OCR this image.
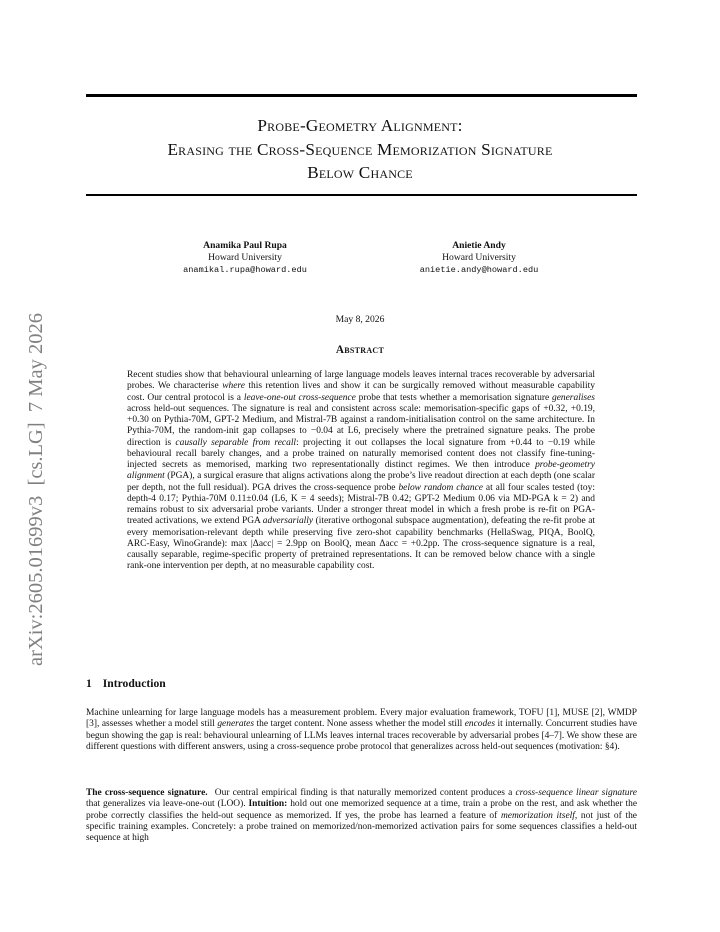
arXiv:2605.01699v3  [cs.LG]  7 May 2026
Probe-Geometry Alignment:
Erasing the Cross-Sequence Memorization Signature
Below Chance
Anamika Paul Rupa
Howard University
anamikal.rupa@howard.edu
Anietie Andy
Howard University
anietie.andy@howard.edu
May 8, 2026
Abstract

Recent studies show that behavioural unlearning of large language models leaves internal traces recoverable by adversarial probes. We characterise where this retention lives and show it can be surgically removed without measurable capability cost. Our central protocol is a leave-one-out cross-sequence probe that tests whether a memorisation signature generalises across held-out sequences. The signature is real and consistent across scale: memorisation-specific gaps of +0.32, +0.19, +0.30 on Pythia-70M, GPT-2 Medium, and Mistral-7B against a random-initialisation control on the same architecture. In Pythia-70M, the random-init gap collapses to −0.04 at L6, precisely where the pretrained signature peaks. The probe direction is causally separable from recall: projecting it out collapses the local signature from +0.44 to −0.19 while behavioural recall barely changes, and a probe trained on naturally memorised content does not classify fine-tuning-injected secrets as memorised, marking two representationally distinct regimes. We then introduce probe-geometry alignment (PGA), a surgical erasure that aligns activations along the probe’s live readout direction at each depth (one scalar per depth, not the full residual). PGA drives the cross-sequence probe below random chance at all four scales tested (toy: depth-4 0.17; Pythia-70M 0.11±0.04 (L6, K = 4 seeds); Mistral-7B 0.42; GPT-2 Medium 0.06 via MD-PGA k = 2) and remains robust to six adversarial probe variants. Under a stronger threat model in which a fresh probe is re-fit on PGA-treated activations, we extend PGA adversarially (iterative orthogonal subspace augmentation), defeating the re-fit probe at every memorisation-relevant depth while preserving five zero-shot capability benchmarks (HellaSwag, PIQA, BoolQ, ARC-Easy, WinoGrande): max |Δacc| = 2.9pp on BoolQ, mean Δacc = +0.2pp. The cross-sequence signature is a real, causally separable, regime-specific property of pretrained representations. It can be removed below chance with a single rank-one intervention per depth, at no measurable capability cost.

1 Introduction

Machine unlearning for large language models has a measurement problem. Every major evaluation framework, TOFU [1], MUSE [2], WMDP [3], assesses whether a model still generates the target content. None assess whether the model still encodes it internally. Concurrent studies have begun showing the gap is real: behavioural unlearning of LLMs leaves internal traces recoverable by adversarial probes [4–7]. We show these are different questions with different answers, using a cross-sequence probe protocol that generalizes across held-out sequences (motivation: §4).

The cross-sequence signature. Our central empirical finding is that naturally memorized content produces a cross-sequence linear signature that generalizes via leave-one-out (LOO). Intuition: hold out one memorized sequence at a time, train a probe on the rest, and ask whether the probe correctly classifies the held-out sequence as memorized. If yes, the probe has learned a feature of memorization itself, not just of the specific training examples. Concretely: a probe trained on memorized/non-memorized activation pairs for some sequences classifies a held-out sequence at high
